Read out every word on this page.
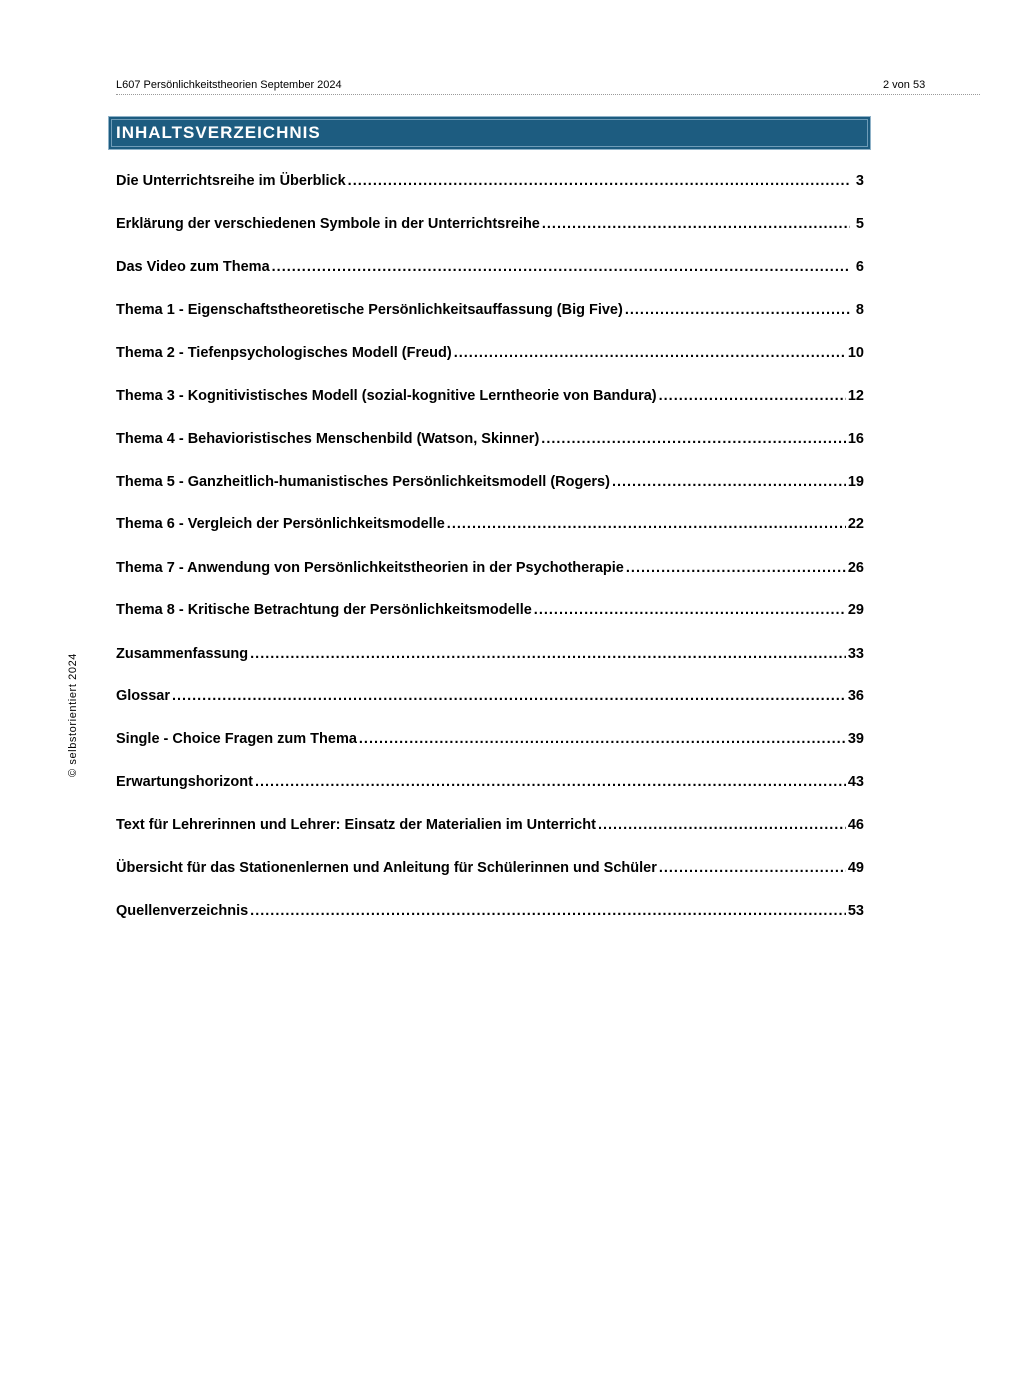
L607 Persönlichkeitstheorien September 2024	2 von 53
INHALTSVERZEICHNIS
Die Unterrichtsreihe im Überblick .....	3
Erklärung der verschiedenen Symbole in der Unterrichtsreihe .....	5
Das Video zum Thema .....	6
Thema 1 - Eigenschaftstheoretische Persönlichkeitsauffassung (Big Five) .....	8
Thema 2 - Tiefenpsychologisches Modell (Freud) .....	10
Thema 3 - Kognitivistisches Modell (sozial-kognitive Lerntheorie von Bandura) .....	12
Thema 4 - Behavioristisches Menschenbild (Watson, Skinner) .....	16
Thema 5 - Ganzheitlich-humanistisches Persönlichkeitsmodell (Rogers) .....	19
Thema 6 - Vergleich der Persönlichkeitsmodelle .....	22
Thema 7 - Anwendung von Persönlichkeitstheorien in der Psychotherapie .....	26
Thema 8 - Kritische Betrachtung der Persönlichkeitsmodelle .....	29
Zusammenfassung .....	33
Glossar .....	36
Single - Choice Fragen zum Thema .....	39
Erwartungshorizont .....	43
Text für Lehrerinnen und Lehrer: Einsatz der Materialien im Unterricht .....	46
Übersicht für das Stationenlernen und Anleitung für Schülerinnen und Schüler .....	49
Quellenverzeichnis .....	53
© selbstorientiert 2024
